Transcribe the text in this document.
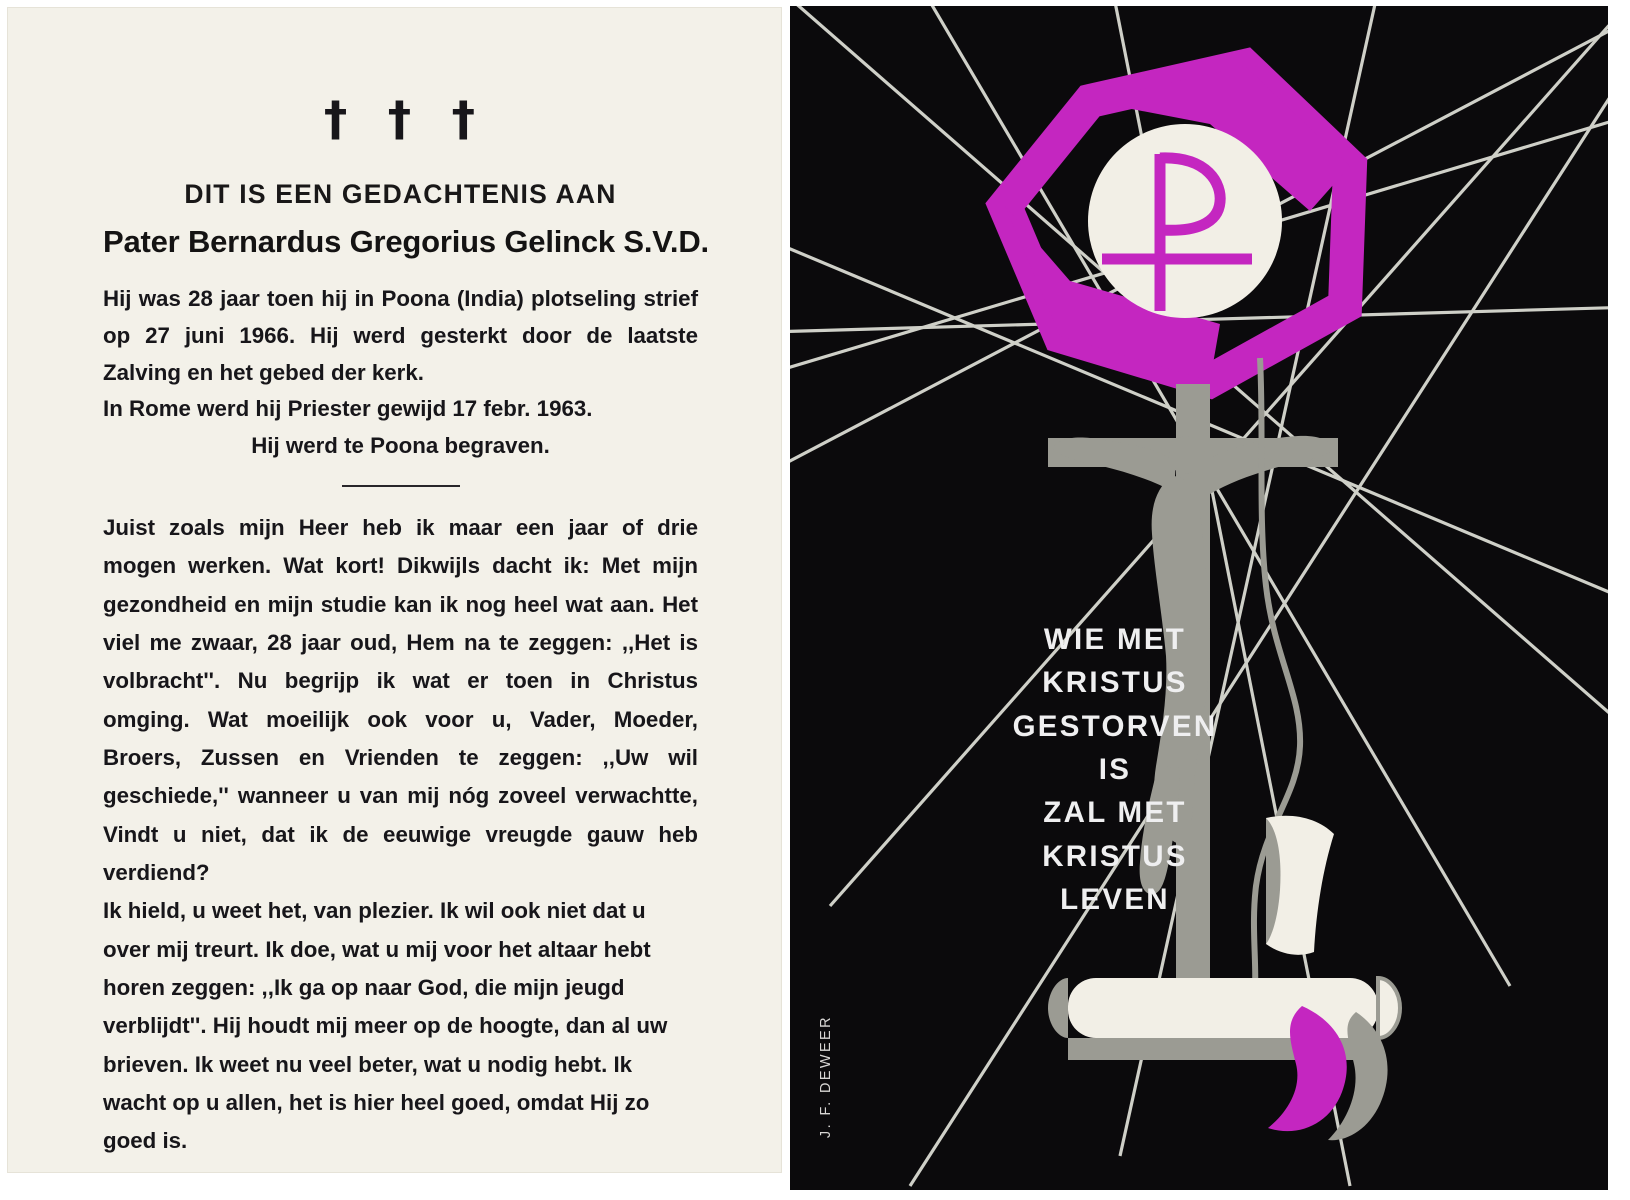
† † †
DIT IS EEN GEDACHTENIS AAN
Pater Bernardus Gregorius Gelinck S.V.D.

Hij was 28 jaar toen hij in Poona (India) plotseling strief op 27 juni 1966. Hij werd gesterkt door de laatste Zalving en het gebed der kerk.

In Rome werd hij Priester gewijd 17 febr. 1963.

Hij werd te Poona begraven.

Juist zoals mijn Heer heb ik maar een jaar of drie mogen werken. Wat kort! Dikwijls dacht ik: Met mijn gezondheid en mijn studie kan ik nog heel wat aan. Het viel me zwaar, 28 jaar oud, Hem na te zeggen: ,,Het is volbracht''. Nu begrijp ik wat er toen in Christus omging. Wat moeilijk ook voor u, Vader, Moeder, Broers, Zussen en Vrienden te zeggen: ,,Uw wil geschiede,'' wanneer u van mij nóg zoveel verwachtte, Vindt u niet, dat ik de eeuwige vreugde gauw heb verdiend?

Ik hield, u weet het, van plezier. Ik wil ook niet dat u over mij treurt. Ik doe, wat u mij voor het altaar hebt horen zeggen: ,,Ik ga op naar God, die mijn jeugd verblijdt''. Hij houdt mij meer op de hoogte, dan al uw brieven. Ik weet nu veel beter, wat u nodig hebt. Ik wacht op u allen, het is hier heel goed, omdat Hij zo goed is.

WIE MET
KRISTUS
GESTORVEN
IS
ZAL MET
KRISTUS
LEVEN
J. F. DEWEER
